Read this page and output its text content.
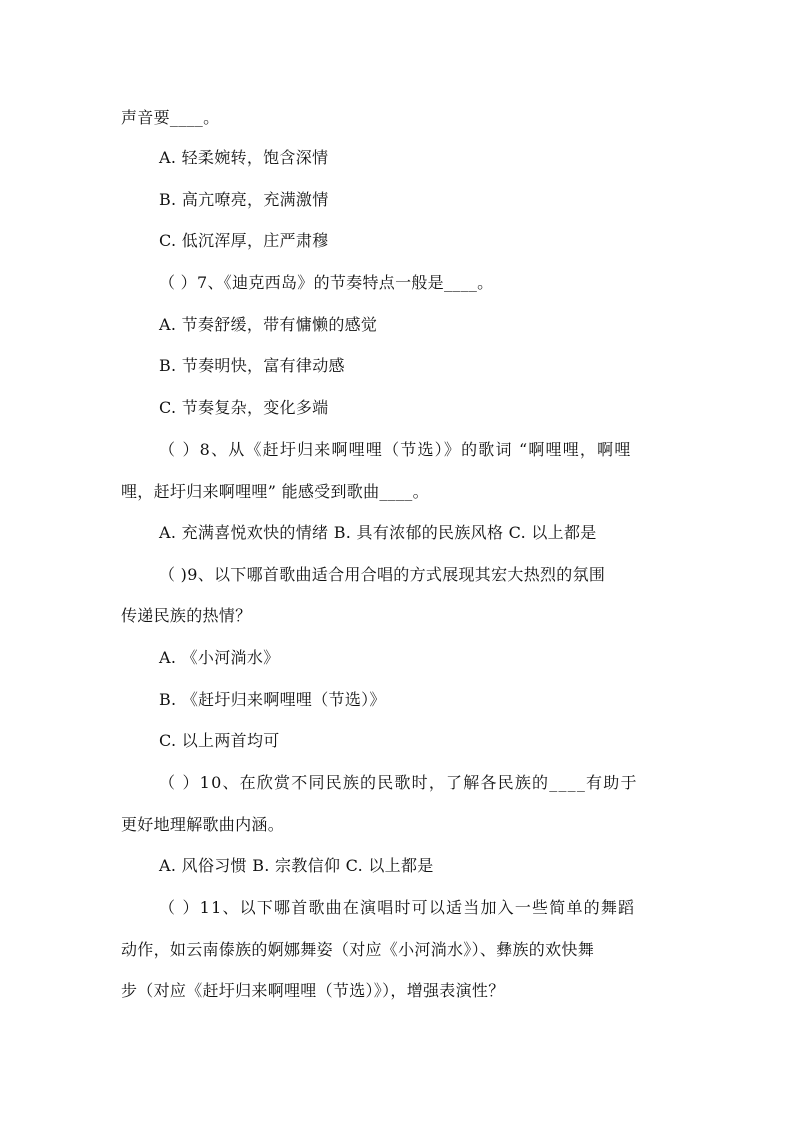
声音要____。
A. 轻柔婉转，饱含深情
B. 高亢嘹亮，充满激情
C. 低沉浑厚，庄严肃穆
（ ）7、《迪克西岛》的节奏特点一般是____。
A. 节奏舒缓，带有慵懒的感觉
B. 节奏明快，富有律动感
C. 节奏复杂，变化多端
（ ）8、从《赶圩归来啊哩哩（节选）》的歌词 “啊哩哩，啊哩
哩，赶圩归来啊哩哩” 能感受到歌曲____。
A. 充满喜悦欢快的情绪 B. 具有浓郁的民族风格 C. 以上都是
（ )9、以下哪首歌曲适合用合唱的方式展现其宏大热烈的氛围
传递民族的热情？
A. 《小河淌水》
B. 《赶圩归来啊哩哩（节选）》
C. 以上两首均可
（ ）10、在欣赏不同民族的民歌时，了解各民族的____有助于
更好地理解歌曲内涵。
A. 风俗习惯 B. 宗教信仰 C. 以上都是
（ ）11、以下哪首歌曲在演唱时可以适当加入一些简单的舞蹈
动作，如云南傣族的婀娜舞姿（对应《小河淌水》）、彝族的欢快舞
步（对应《赶圩归来啊哩哩（节选）》），增强表演性？
